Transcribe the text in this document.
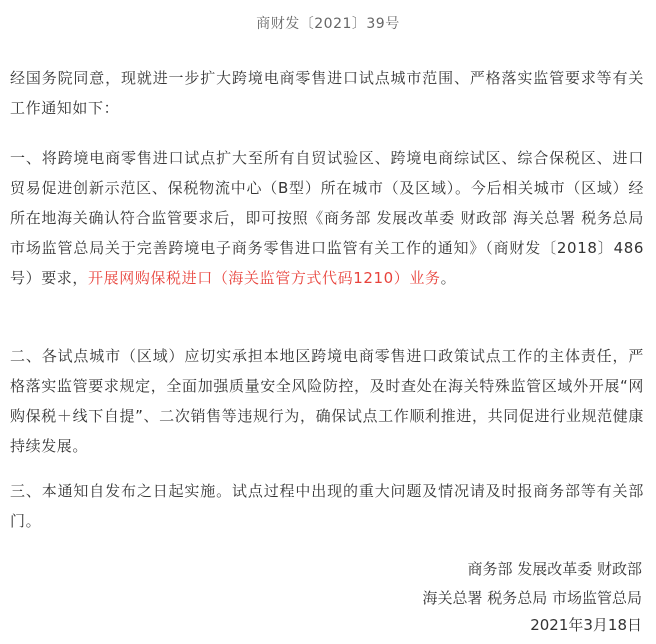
商财发〔2021〕39号

经国务院同意，现就进一步扩大跨境电商零售进口试点城市范围、严格落实监管要求等有关工作通知如下：

一、将跨境电商零售进口试点扩大至所有自贸试验区、跨境电商综试区、综合保税区、进口贸易促进创新示范区、保税物流中心（B型）所在城市（及区域）。今后相关城市（区域）经所在地海关确认符合监管要求后，即可按照《商务部 发展改革委 财政部 海关总署 税务总局 市场监管总局关于完善跨境电子商务零售进口监管有关工作的通知》（商财发〔2018〕486号）要求，开展网购保税进口（海关监管方式代码1210）业务。

二、各试点城市（区域）应切实承担本地区跨境电商零售进口政策试点工作的主体责任，严格落实监管要求规定，全面加强质量安全风险防控，及时查处在海关特殊监管区域外开展“网购保税＋线下自提”、二次销售等违规行为，确保试点工作顺利推进，共同促进行业规范健康持续发展。

三、本通知自发布之日起实施。试点过程中出现的重大问题及情况请及时报商务部等有关部门。

商务部 发展改革委 财政部
海关总署 税务总局 市场监管总局
2021年3月18日
